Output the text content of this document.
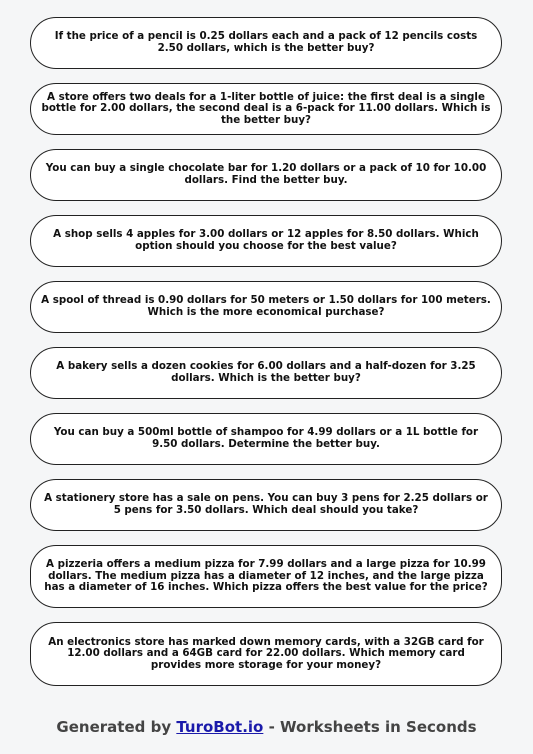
If the price of a pencil is 0.25 dollars each and a pack of 12 pencils costs 2.50 dollars, which is the better buy?
A store offers two deals for a 1-liter bottle of juice: the first deal is a single bottle for 2.00 dollars, the second deal is a 6-pack for 11.00 dollars. Which is the better buy?
You can buy a single chocolate bar for 1.20 dollars or a pack of 10 for 10.00 dollars. Find the better buy.
A shop sells 4 apples for 3.00 dollars or 12 apples for 8.50 dollars. Which option should you choose for the best value?
A spool of thread is 0.90 dollars for 50 meters or 1.50 dollars for 100 meters. Which is the more economical purchase?
A bakery sells a dozen cookies for 6.00 dollars and a half-dozen for 3.25 dollars. Which is the better buy?
You can buy a 500ml bottle of shampoo for 4.99 dollars or a 1L bottle for 9.50 dollars. Determine the better buy.
A stationery store has a sale on pens. You can buy 3 pens for 2.25 dollars or 5 pens for 3.50 dollars. Which deal should you take?
A pizzeria offers a medium pizza for 7.99 dollars and a large pizza for 10.99 dollars. The medium pizza has a diameter of 12 inches, and the large pizza has a diameter of 16 inches. Which pizza offers the best value for the price?
An electronics store has marked down memory cards, with a 32GB card for 12.00 dollars and a 64GB card for 22.00 dollars. Which memory card provides more storage for your money?
Generated by TuroBot.io - Worksheets in Seconds
